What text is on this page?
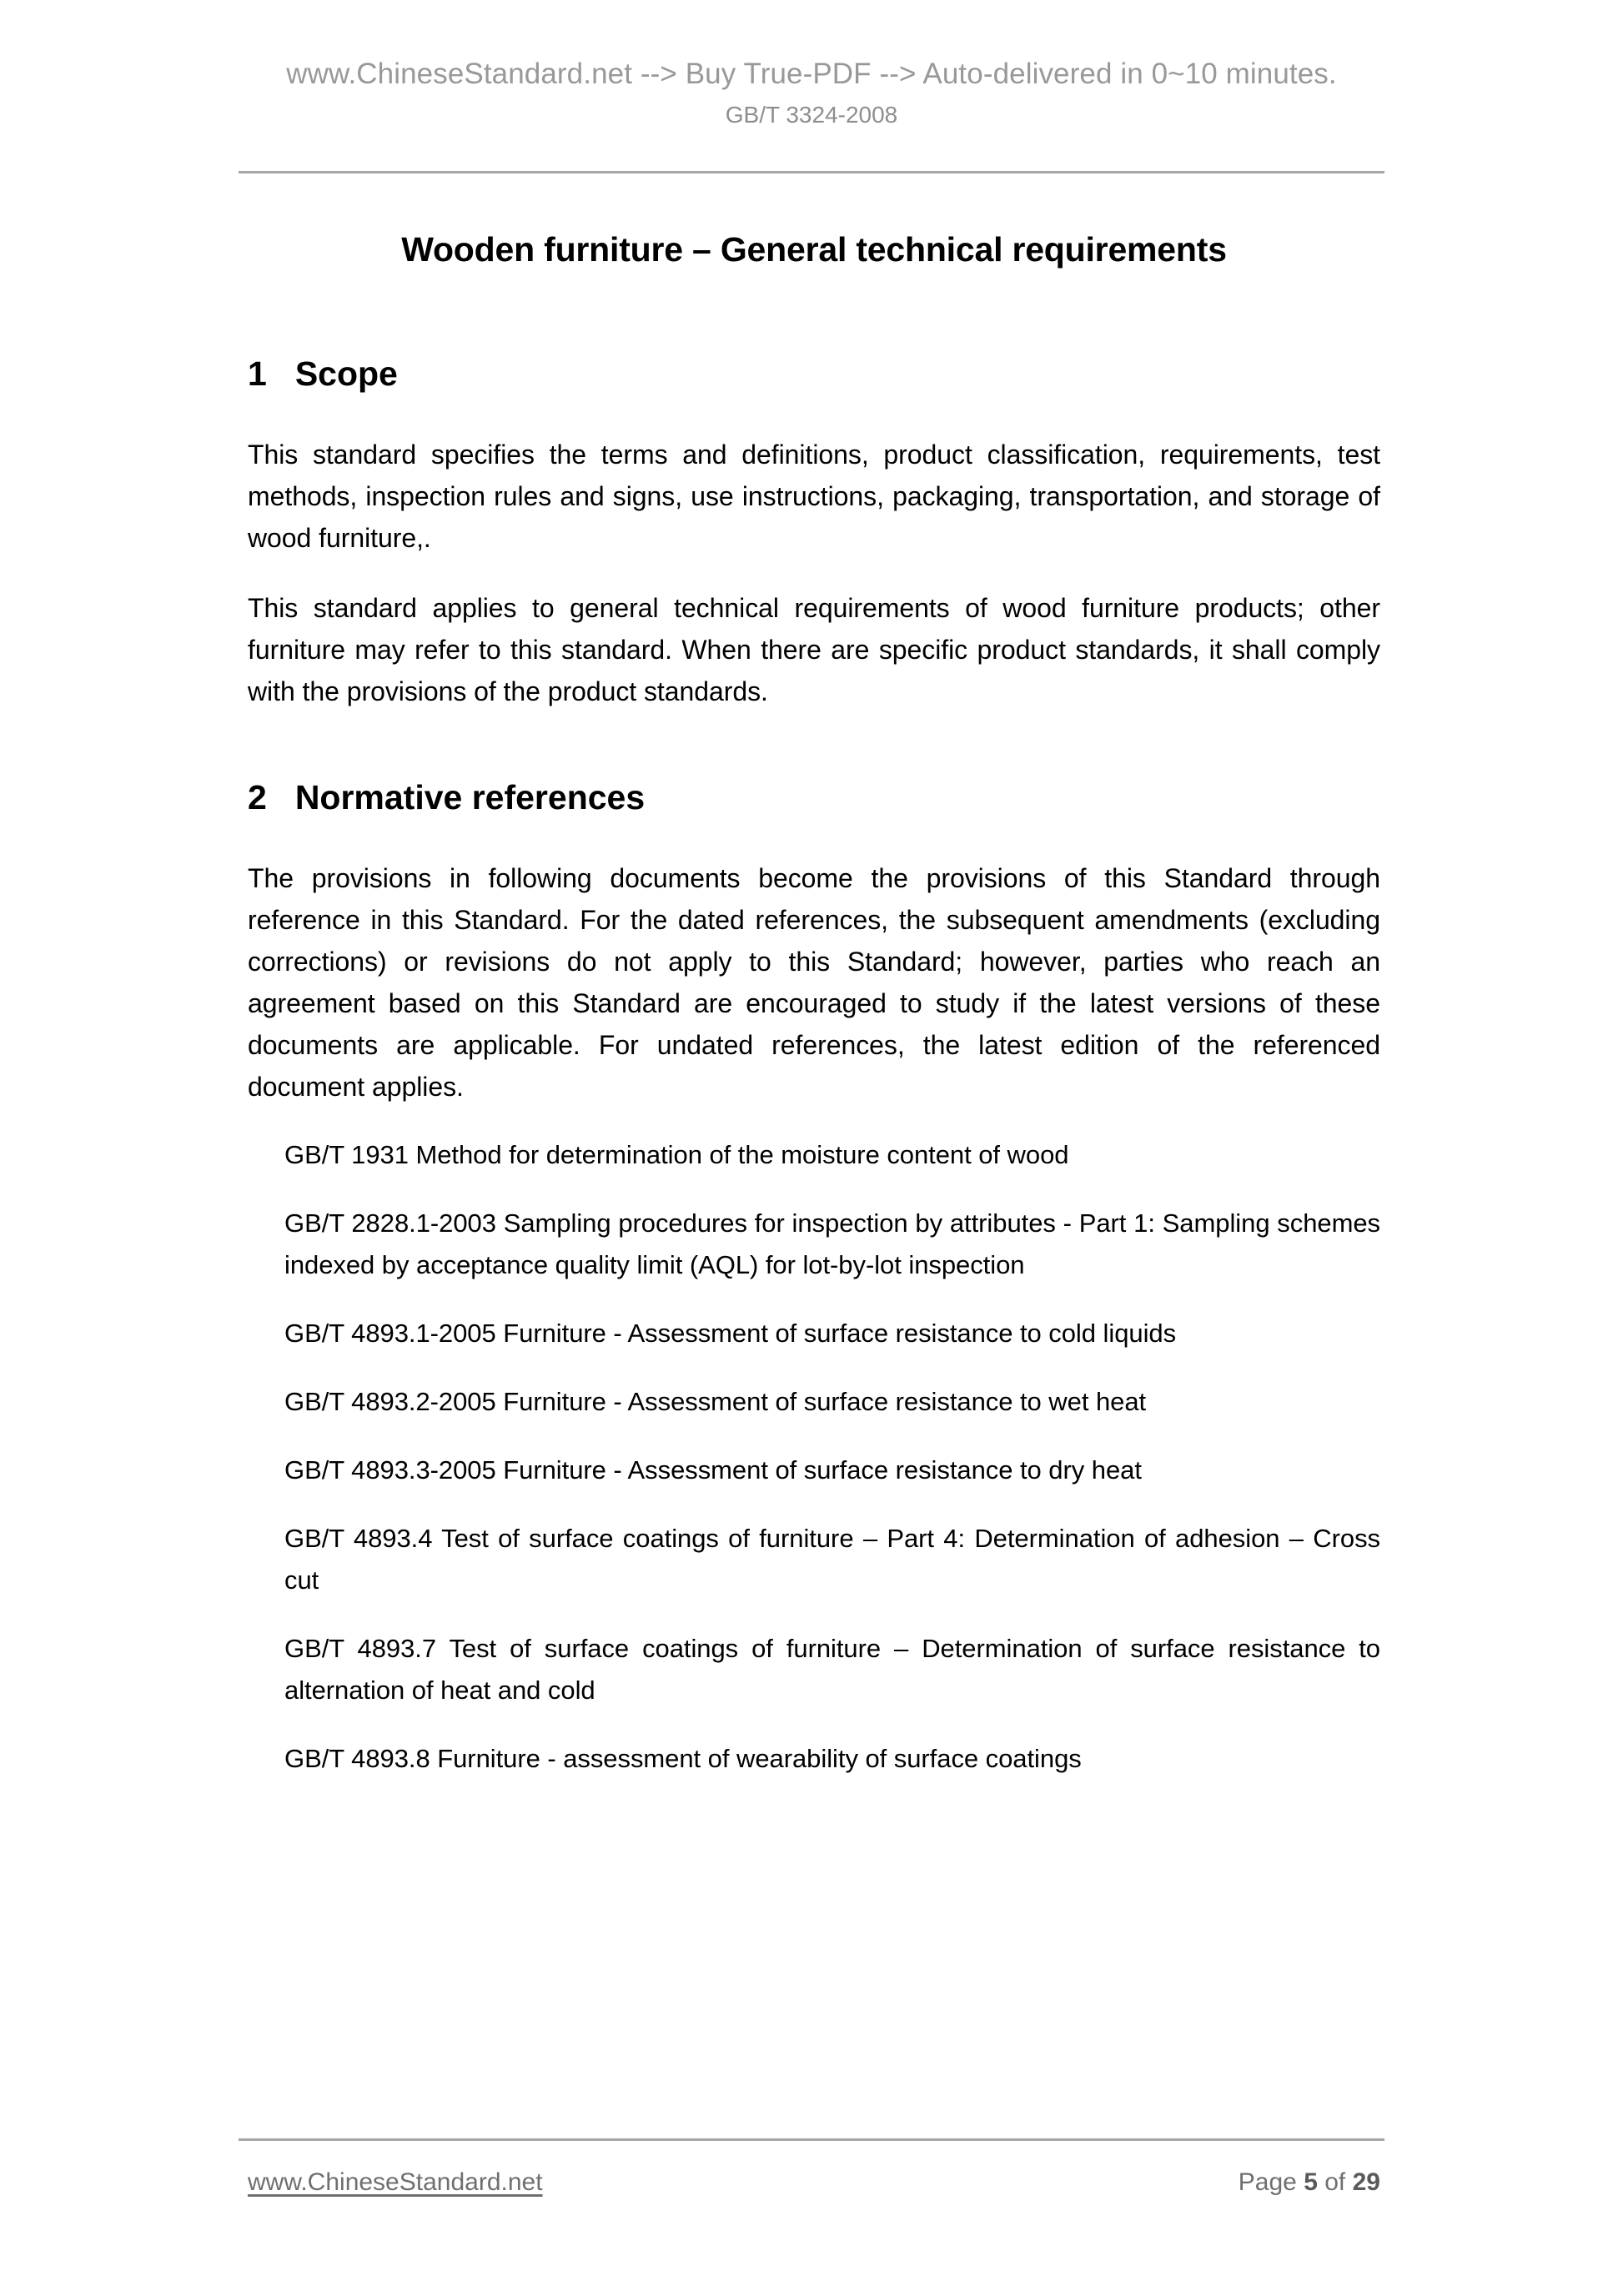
www.ChineseStandard.net --> Buy True-PDF --> Auto-delivered in 0~10 minutes.
GB/T 3324-2008
Wooden furniture – General technical requirements
1 Scope

This standard specifies the terms and definitions, product classification, requirements, test methods, inspection rules and signs, use instructions, packaging, transportation, and storage of wood furniture,.

This standard applies to general technical requirements of wood furniture products; other furniture may refer to this standard. When there are specific product standards, it shall comply with the provisions of the product standards.

2 Normative references

The provisions in following documents become the provisions of this Standard through reference in this Standard. For the dated references, the subsequent amendments (excluding corrections) or revisions do not apply to this Standard; however, parties who reach an agreement based on this Standard are encouraged to study if the latest versions of these documents are applicable. For undated references, the latest edition of the referenced document applies.

GB/T 1931 Method for determination of the moisture content of wood

GB/T 2828.1-2003 Sampling procedures for inspection by attributes - Part 1: Sampling schemes indexed by acceptance quality limit (AQL) for lot-by-lot inspection

GB/T 4893.1-2005 Furniture - Assessment of surface resistance to cold liquids

GB/T 4893.2-2005 Furniture - Assessment of surface resistance to wet heat

GB/T 4893.3-2005 Furniture - Assessment of surface resistance to dry heat

GB/T 4893.4 Test of surface coatings of furniture – Part 4: Determination of adhesion – Cross cut

GB/T 4893.7 Test of surface coatings of furniture – Determination of surface resistance to alternation of heat and cold

GB/T 4893.8 Furniture - assessment of wearability of surface coatings

www.ChineseStandard.net	Page 5 of 29
